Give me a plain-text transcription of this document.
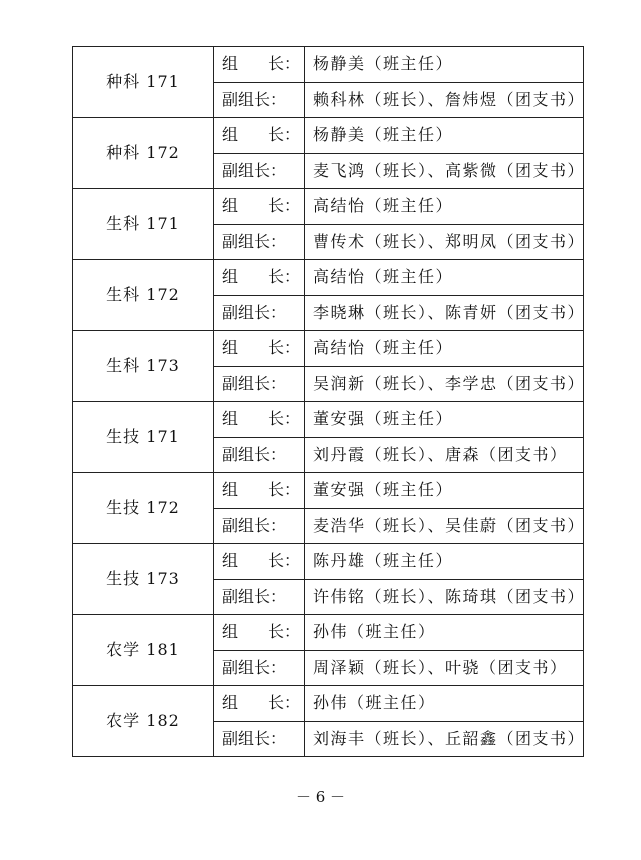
种科 171	组 长：	杨静美（班主任）
	副组长：	赖科林（班长）、詹炜煜（团支书）
种科 172	组 长：	杨静美（班主任）
	副组长：	麦飞鸿（班长）、高紫微（团支书）
生科 171	组 长：	高结怡（班主任）
	副组长：	曹传术（班长）、郑明凤（团支书）
生科 172	组 长：	高结怡（班主任）
	副组长：	李晓琳（班长）、陈青妍（团支书）
生科 173	组 长：	高结怡（班主任）
	副组长：	吴润新（班长）、李学忠（团支书）
生技 171	组 长：	董安强（班主任）
	副组长：	刘丹霞（班长）、唐森（团支书）
生技 172	组 长：	董安强（班主任）
	副组长：	麦浩华（班长）、吴佳蔚（团支书）
生技 173	组 长：	陈丹雄（班主任）
	副组长：	许伟铭（班长）、陈琦琪（团支书）
农学 181	组 长：	孙伟（班主任）
	副组长：	周泽颖（班长）、叶骁（团支书）
农学 182	组 长：	孙伟（班主任）
	副组长：	刘海丰（班长）、丘韶鑫（团支书）
－ 6 －
